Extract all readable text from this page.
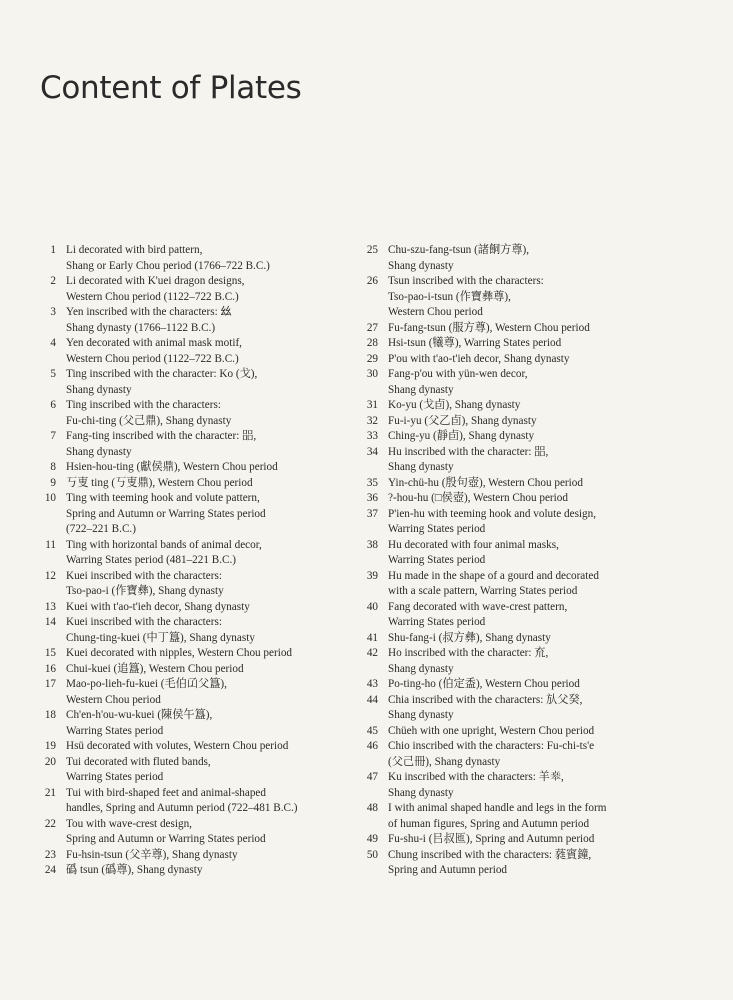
Content of Plates
1 Li decorated with bird pattern,
Shang or Early Chou period (1766–722 B.C.)
2 Li decorated with K'uei dragon designs,
Western Chou period (1122–722 B.C.)
3 Yen inscribed with the characters: 𢆶
Shang dynasty (1766–1122 B.C.)
4 Yen decorated with animal mask motif,
Western Chou period (1122–722 B.C.)
5 Ting inscribed with the character: Ko (戈),
Shang dynasty
6 Ting inscribed with the characters:
Fu-chi-ting (父己鼎), Shang dynasty
7 Fang-ting inscribed with the character: 㗊,
Shang dynasty
8 Hsien-hou-ting (獻侯鼎), Western Chou period
9 丂叓 ting (丂叓鼎), Western Chou period
10 Ting with teeming hook and volute pattern,
Spring and Autumn or Warring States period
(722–221 B.C.)
11 Ting with horizontal bands of animal decor,
Warring States period (481–221 B.C.)
12 Kuei inscribed with the characters:
Tso-pao-i (作寶彝), Shang dynasty
13 Kuei with t'ao-t'ieh decor, Shang dynasty
14 Kuei inscribed with the characters:
Chung-ting-kuei (中丁簋), Shang dynasty
15 Kuei decorated with nipples, Western Chou period
16 Chui-kuei (追簋), Western Chou period
17 Mao-po-lieh-fu-kuei (毛伯𠙶父簋),
Western Chou period
18 Ch'en-h'ou-wu-kuei (陳侯午簋),
Warring States period
19 Hsü decorated with volutes, Western Chou period
20 Tui decorated with fluted bands,
Warring States period
21 Tui with bird-shaped feet and animal-shaped
handles, Spring and Autumn period (722–481 B.C.)
22 Tou with wave-crest design,
Spring and Autumn or Warring States period
23 Fu-hsin-tsun (父辛尊), Shang dynasty
24 䃣 tsun (䃣尊), Shang dynasty
25 Chu-szu-fang-tsun (諸餇方尊),
Shang dynasty
26 Tsun inscribed with the characters:
Tso-pao-i-tsun (作寶彝尊),
Western Chou period
27 Fu-fang-tsun (服方尊), Western Chou period
28 Hsi-tsun (犧尊), Warring States period
29 P'ou with t'ao-t'ieh decor, Shang dynasty
30 Fang-p'ou with yün-wen decor,
Shang dynasty
31 Ko-yu (戈卣), Shang dynasty
32 Fu-i-yu (父乙卣), Shang dynasty
33 Ching-yu (靜卣), Shang dynasty
34 Hu inscribed with the character: 㗊,
Shang dynasty
35 Yin-chü-hu (殷句壺), Western Chou period
36 ?-hou-hu (□侯壺), Western Chou period
37 P'ien-hu with teeming hook and volute design,
Warring States period
38 Hu decorated with four animal masks,
Warring States period
39 Hu made in the shape of a gourd and decorated
with a scale pattern, Warring States period
40 Fang decorated with wave-crest pattern,
Warring States period
41 Shu-fang-i (叔方彝), Shang dynasty
42 Ho inscribed with the character: 㐬,
Shang dynasty
43 Po-ting-ho (伯定盉), Western Chou period
44 Chia inscribed with the characters: 㫃父癸,
Shang dynasty
45 Chüeh with one upright, Western Chou period
46 Chio inscribed with the characters: Fu-chi-ts'e
(父己冊), Shang dynasty
47 Ku inscribed with the characters: 羊𠦪,
Shang dynasty
48 I with animal shaped handle and legs in the form
of human figures, Spring and Autumn period
49 Fu-shu-i (㠯叔匜), Spring and Autumn period
50 Chung inscribed with the characters: 蕤賓鐘,
Spring and Autumn period
